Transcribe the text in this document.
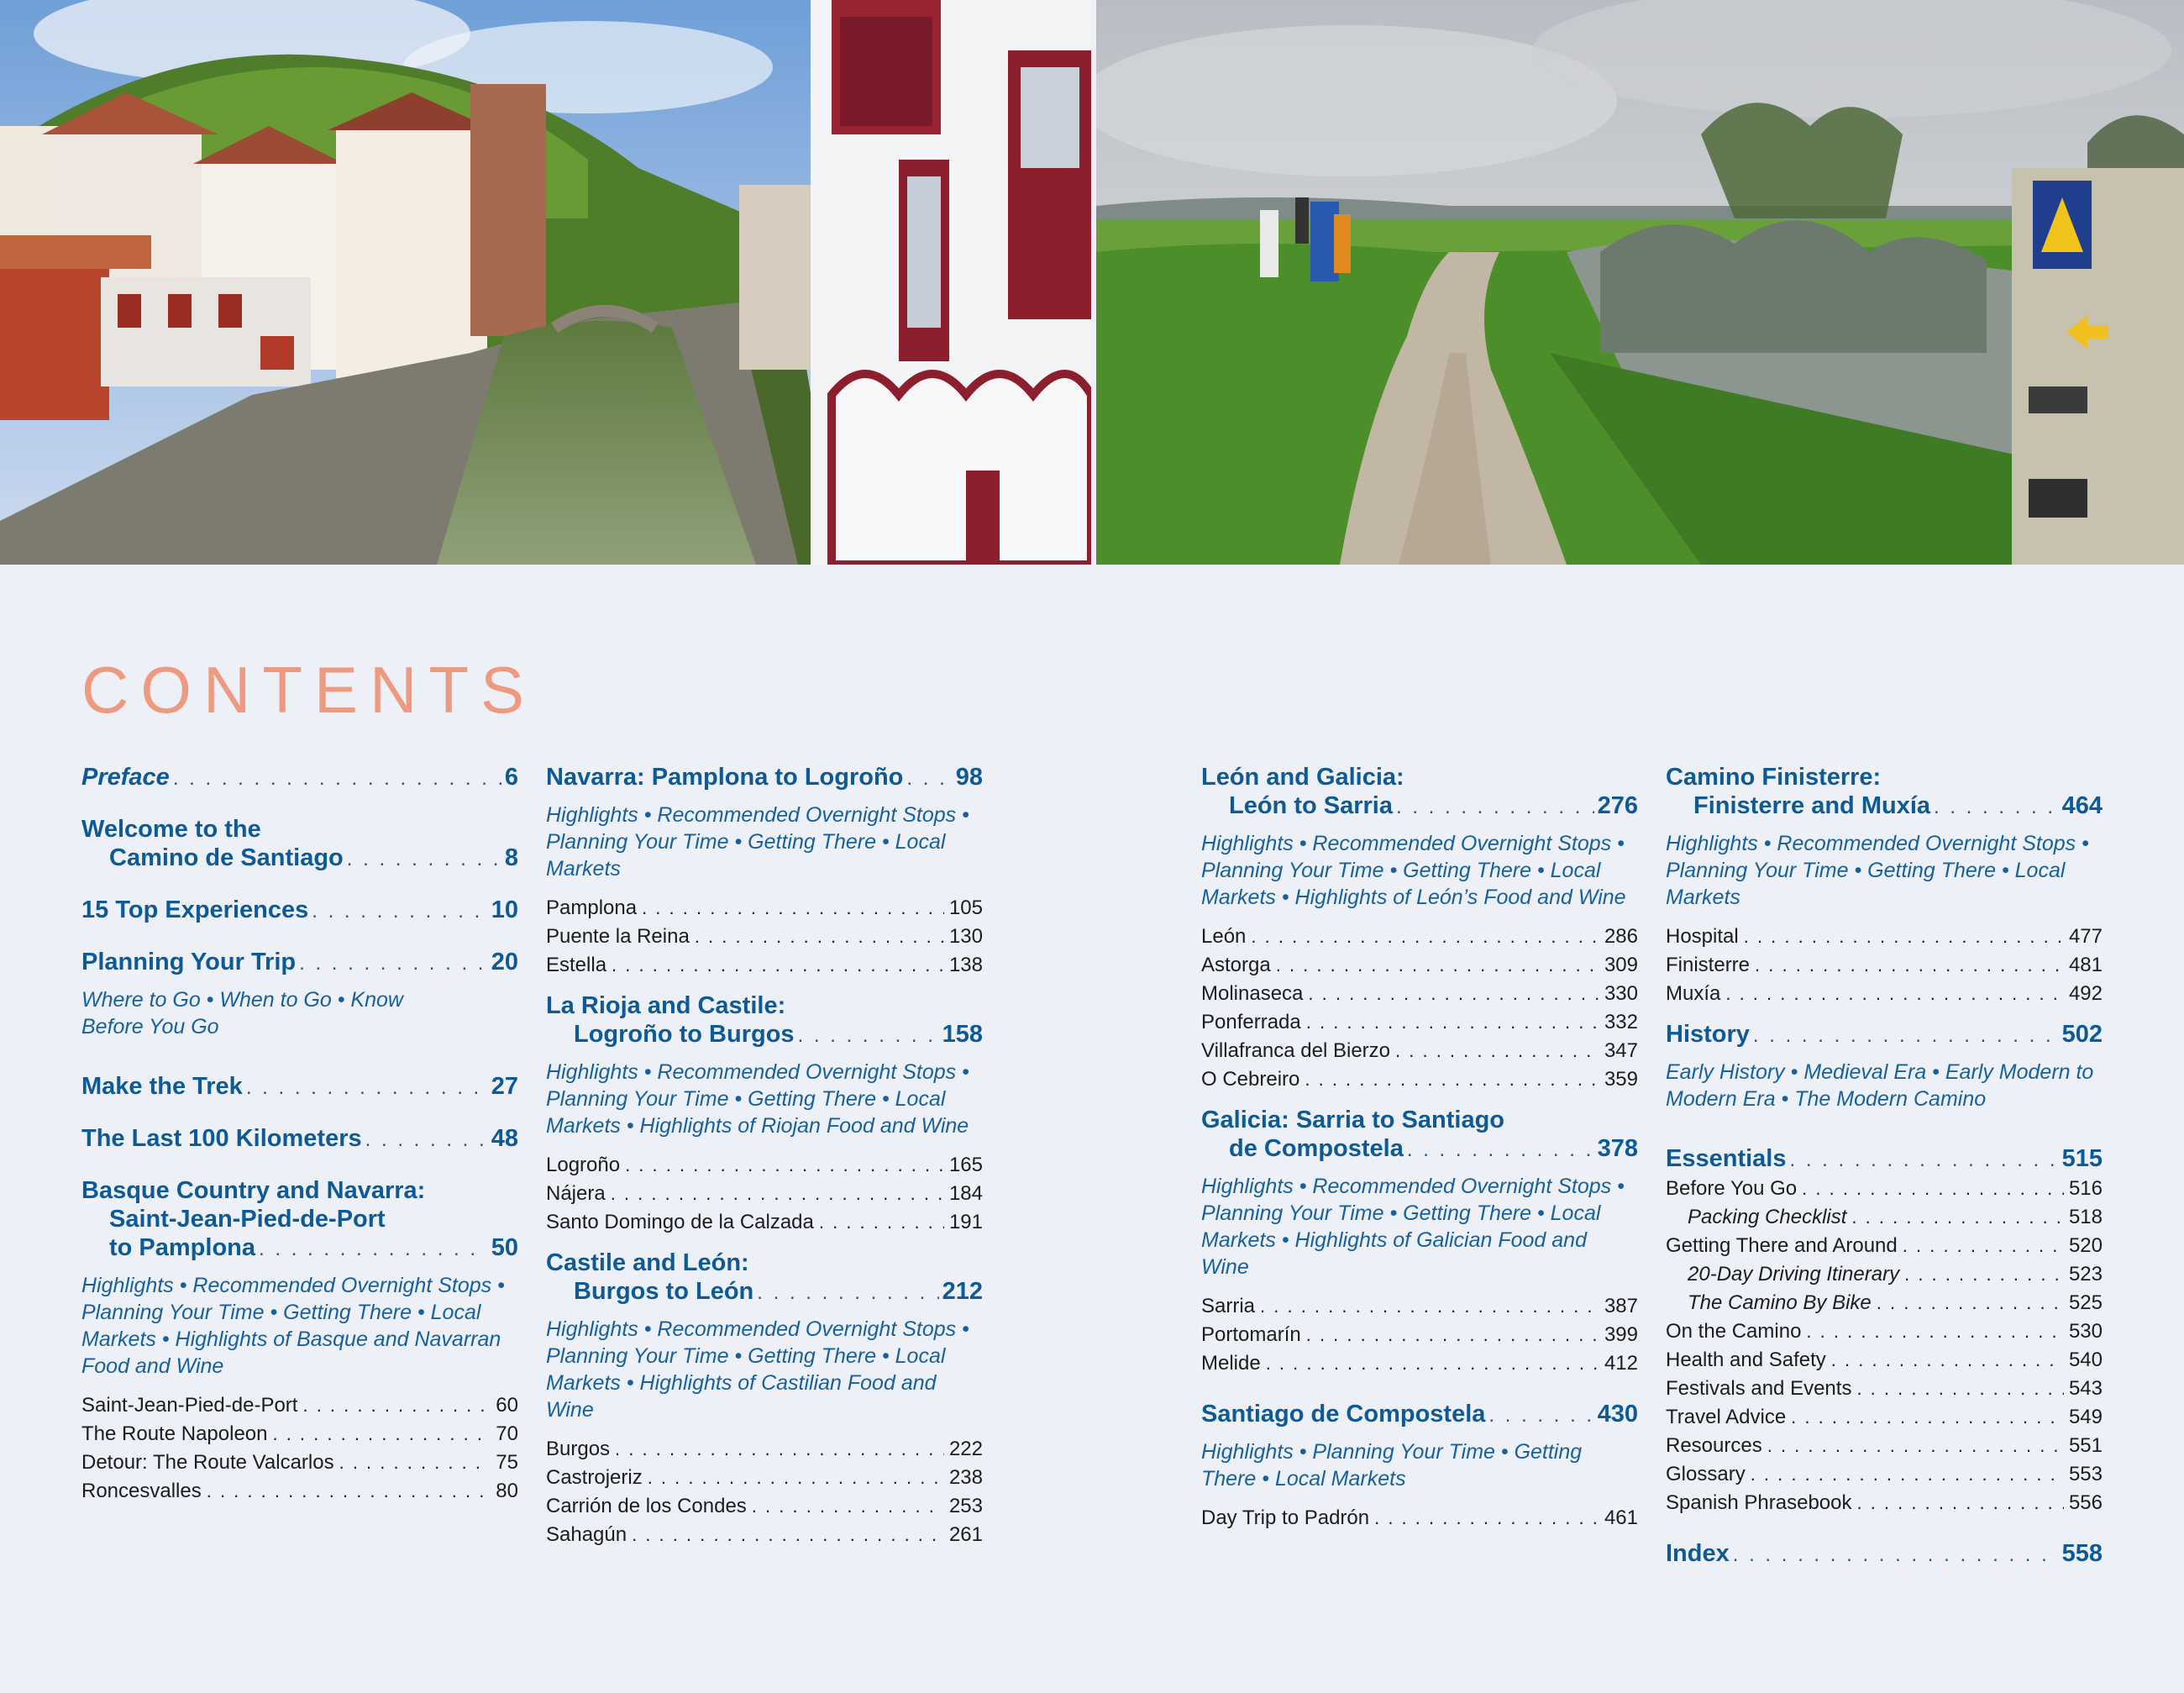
CONTENTS
Preface . . .	6
Welcome to the
Camino de Santiago . . .	8
15 Top Experiences . . .	10
Planning Your Trip . . .	20
Where to Go • When to Go • Know Before You Go
Make the Trek . . .	27
The Last 100 Kilometers . . .	48
Basque Country and Navarra:
Saint-Jean-Pied-de-Port
to Pamplona . . .	50
Highlights • Recommended Overnight Stops • Planning Your Time • Getting There • Local Markets • Highlights of Basque and Navarran Food and Wine
Saint-Jean-Pied-de-Port . . .	60
The Route Napoleon . . .	70
Detour: The Route Valcarlos . . .	75
Roncesvalles . . .	80
Navarra: Pamplona to Logroño . . . 98
Highlights • Recommended Overnight Stops • Planning Your Time • Getting There • Local Markets
Pamplona . . .	105
Puente la Reina . . .	130
Estella . . .	138
La Rioja and Castile:
Logroño to Burgos . . .	158
Highlights • Recommended Overnight Stops • Planning Your Time • Getting There • Local Markets • Highlights of Riojan Food and Wine
Logroño . . .	165
Nájera . . .	184
Santo Domingo de la Calzada . . .	191
Castile and León:
Burgos to León . . .	212
Highlights • Recommended Overnight Stops • Planning Your Time • Getting There • Local Markets • Highlights of Castilian Food and Wine
Burgos . . .	222
Castrojeriz . . .	238
Carrión de los Condes . . .	253
Sahagún . . .	261
León and Galicia:
León to Sarria . . .	276
Highlights • Recommended Overnight Stops • Planning Your Time • Getting There • Local Markets • Highlights of León’s Food and Wine
León . . .	286
Astorga . . .	309
Molinaseca . . .	330
Ponferrada . . .	332
Villafranca del Bierzo . . .	347
O Cebreiro . . .	359
Galicia: Sarria to Santiago
de Compostela . . .	378
Highlights • Recommended Overnight Stops • Planning Your Time • Getting There • Local Markets • Highlights of Galician Food and Wine
Sarria . . .	387
Portomarín . . .	399
Melide . . .	412
Santiago de Compostela . . .	430
Highlights • Planning Your Time • Getting There • Local Markets
Day Trip to Padrón . . .	461
Camino Finisterre:
Finisterre and Muxía . . .	464
Highlights • Recommended Overnight Stops • Planning Your Time • Getting There • Local Markets
Hospital . . .	477
Finisterre . . .	481
Muxía . . .	492
History . . .	502
Early History • Medieval Era • Early Modern to Modern Era • The Modern Camino
Essentials . . .	515
Before You Go . . .	516
Packing Checklist . . .	518
Getting There and Around . . .	520
20-Day Driving Itinerary . . .	523
The Camino By Bike . . .	525
On the Camino . . .	530
Health and Safety . . .	540
Festivals and Events . . .	543
Travel Advice . . .	549
Resources . . .	551
Glossary . . .	553
Spanish Phrasebook . . .	556
Index . . .	558
